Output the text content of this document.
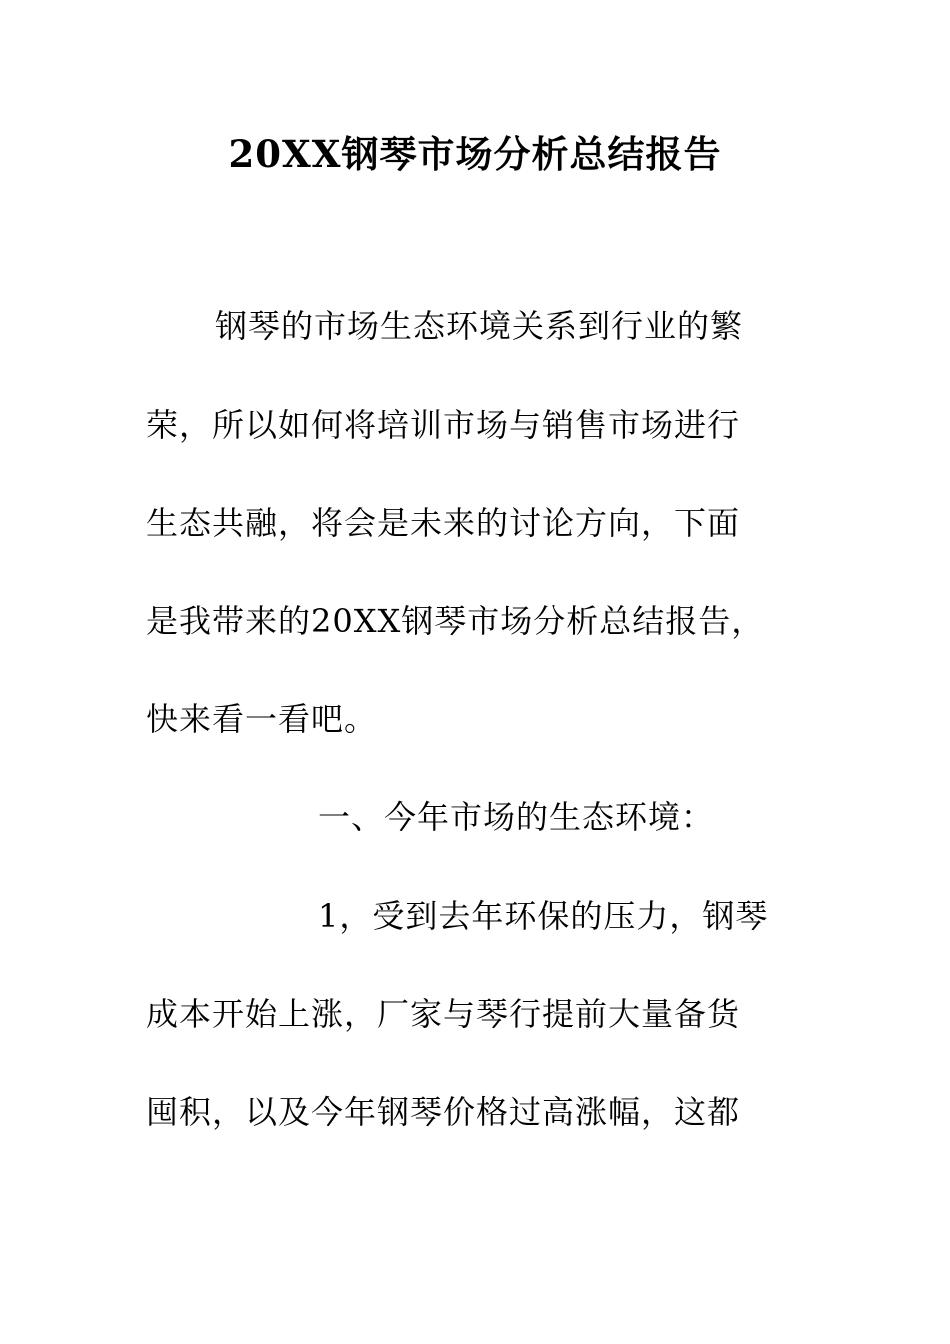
20XX钢琴市场分析总结报告
钢琴的市场生态环境关系到行业的繁
荣，所以如何将培训市场与销售市场进行
生态共融，将会是未来的讨论方向，下面
是我带来的20XX钢琴市场分析总结报告，
快来看一看吧。
一、今年市场的生态环境：
1，受到去年环保的压力，钢琴
成本开始上涨，厂家与琴行提前大量备货
囤积，以及今年钢琴价格过高涨幅，这都
